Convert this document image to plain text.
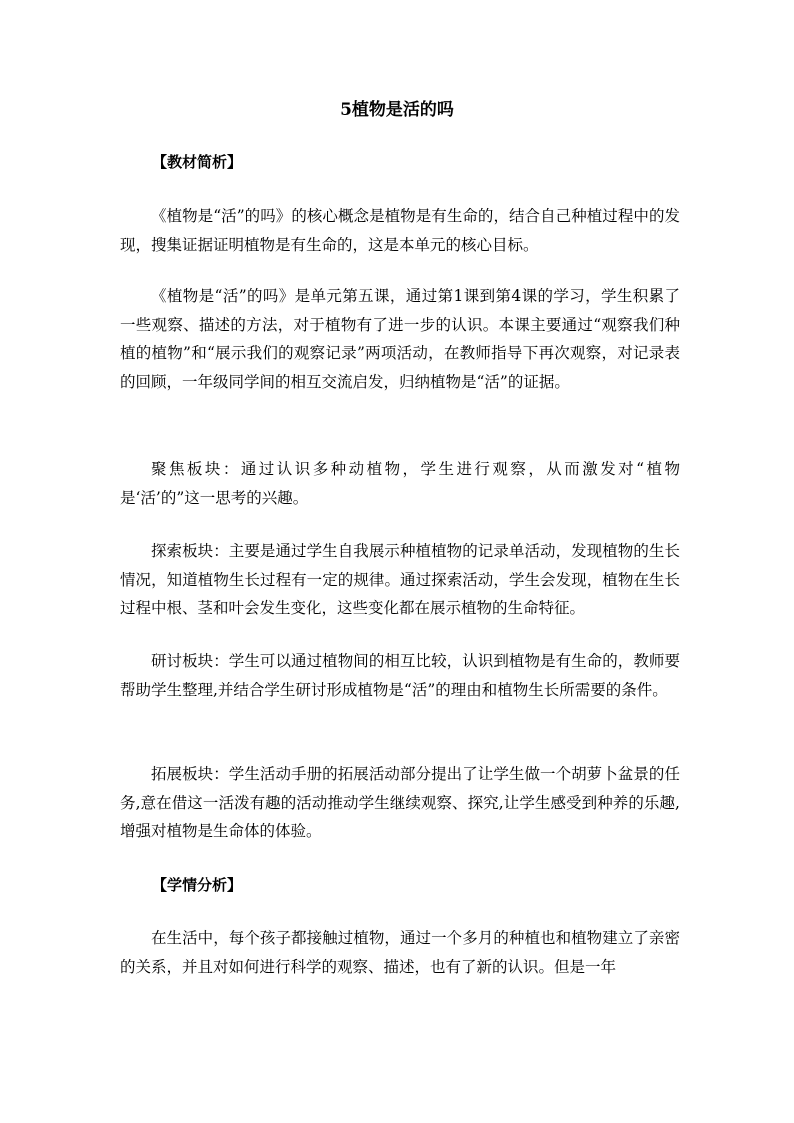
5植物是活的吗
【教材简析】

《植物是“活”的吗》的核心概念是植物是有生命的，结合自己种植过程中的发现，搜集证据证明植物是有生命的，这是本单元的核心目标。

《植物是“活”的吗》是单元第五课，通过第1课到第4课的学习，学生积累了一些观察、描述的方法，对于植物有了进一步的认识。本课主要通过“观察我们种植的植物”和“展示我们的观察记录”两项活动，在教师指导下再次观察，对记录表的回顾，一年级同学间的相互交流启发，归纳植物是“活”的证据。

聚焦板块：通过认识多种动植物，学生进行观察，从而激发对“植物是‘活’的”这一思考的兴趣。

探索板块：主要是通过学生自我展示种植植物的记录单活动，发现植物的生长情况，知道植物生长过程有一定的规律。通过探索活动，学生会发现，植物在生长过程中根、茎和叶会发生变化，这些变化都在展示植物的生命特征。

研讨板块：学生可以通过植物间的相互比较，认识到植物是有生命的，教师要帮助学生整理,并结合学生研讨形成植物是“活”的理由和植物生长所需要的条件。

拓展板块：学生活动手册的拓展活动部分提出了让学生做一个胡萝卜盆景的任务,意在借这一活泼有趣的活动推动学生继续观察、探究,让学生感受到种养的乐趣,增强对植物是生命体的体验。

【学情分析】

在生活中，每个孩子都接触过植物，通过一个多月的种植也和植物建立了亲密的关系，并且对如何进行科学的观察、描述，也有了新的认识。但是一年
